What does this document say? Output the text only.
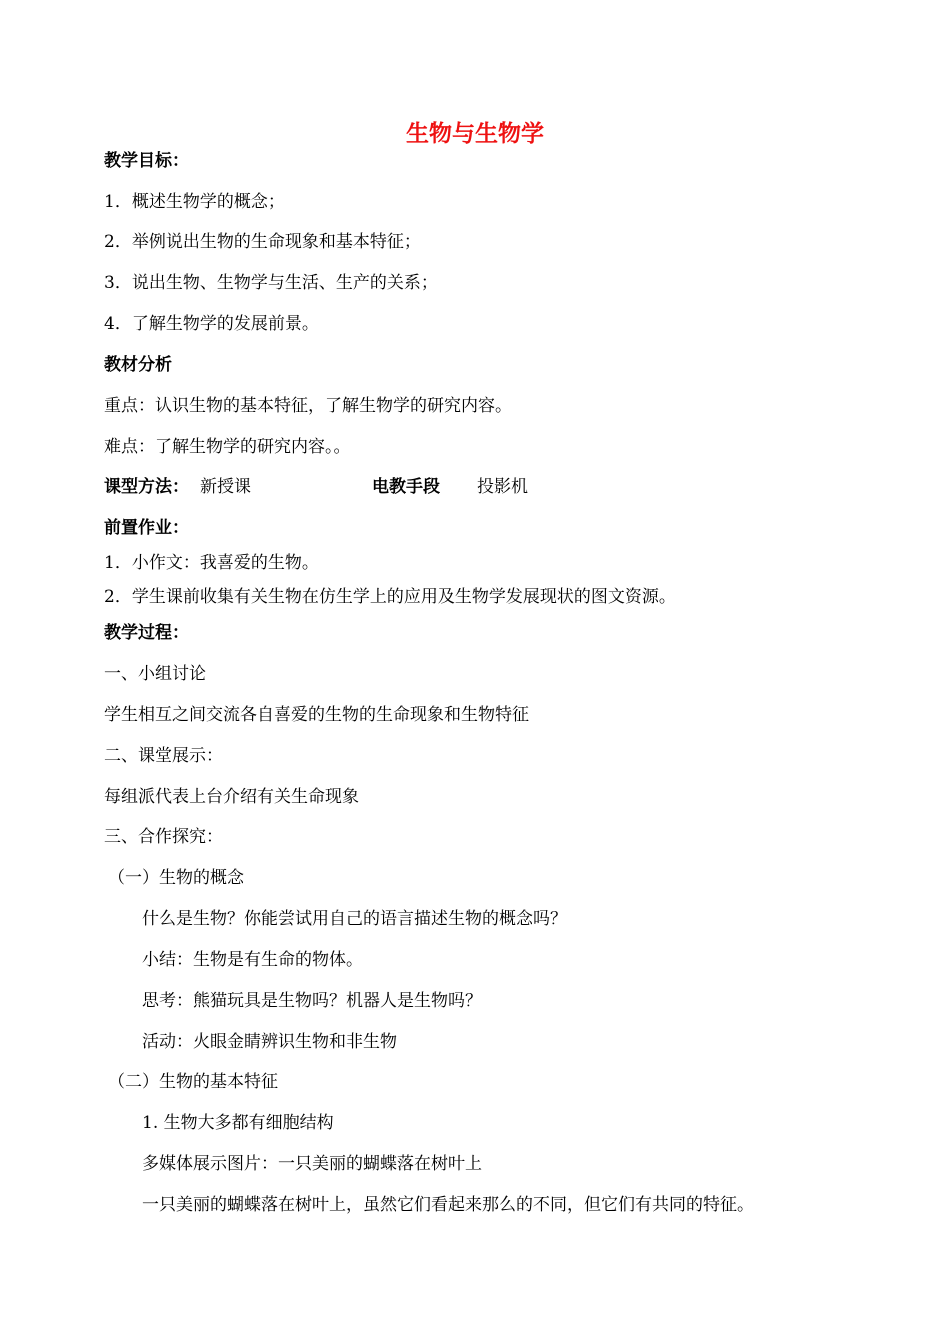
生物与生物学
教学目标：
1．概述生物学的概念；
2．举例说出生物的生命现象和基本特征；
3．说出生物、生物学与生活、生产的关系；
4．了解生物学的发展前景。
教材分析
重点：认识生物的基本特征，了解生物学的研究内容。
难点：了解生物学的研究内容。。
课型方法： 新授课	电教手段 投影机
前置作业：
1．小作文：我喜爱的生物。
2．学生课前收集有关生物在仿生学上的应用及生物学发展现状的图文资源。
教学过程：
一、小组讨论
学生相互之间交流各自喜爱的生物的生命现象和生物特征
二、课堂展示：
每组派代表上台介绍有关生命现象
三、合作探究：
（一）生物的概念
什么是生物？你能尝试用自己的语言描述生物的概念吗？
小结：生物是有生命的物体。
思考：熊猫玩具是生物吗？机器人是生物吗？
活动：火眼金睛辨识生物和非生物
（二）生物的基本特征
1. 生物大多都有细胞结构
多媒体展示图片：一只美丽的蝴蝶落在树叶上
一只美丽的蝴蝶落在树叶上，虽然它们看起来那么的不同，但它们有共同的特征。
